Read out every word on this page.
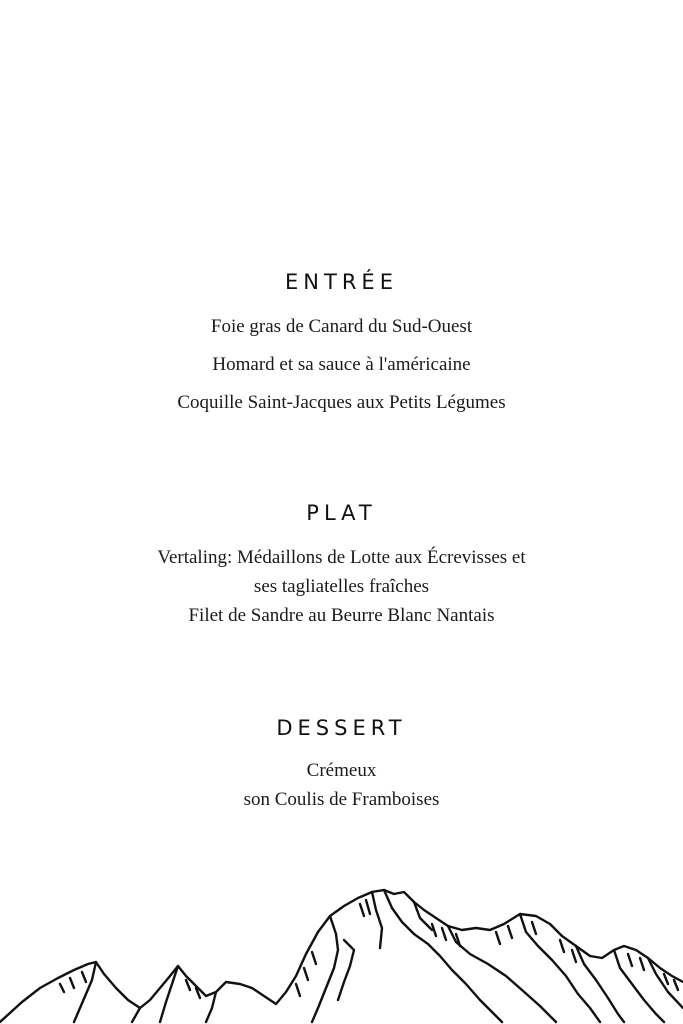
ENTRÉE

Foie gras de Canard du Sud-Ouest

Homard et sa sauce à l'américaine

Coquille Saint-Jacques aux Petits Légumes

PLAT

Vertaling: Médaillons de Lotte aux Écrevisses et

ses tagliatelles fraîches

Filet de Sandre au Beurre Blanc Nantais

DESSERT

Crémeux

son Coulis de Framboises
